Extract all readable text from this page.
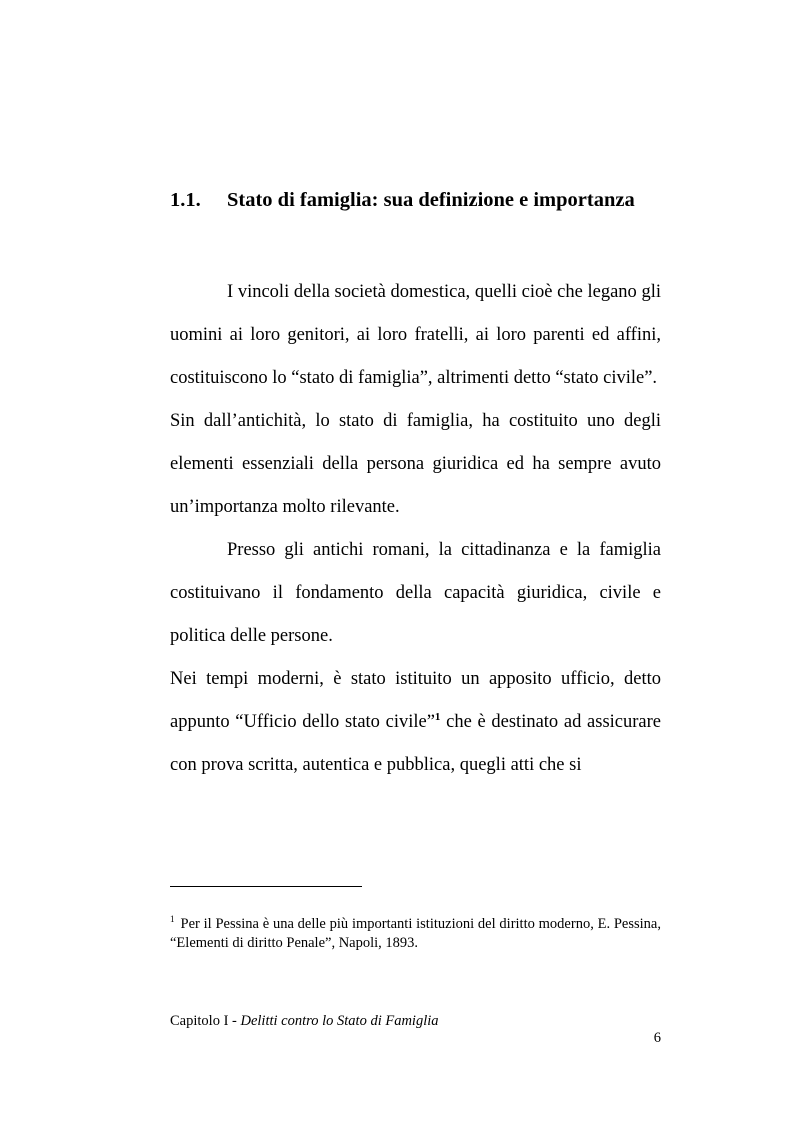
1.1. Stato di famiglia: sua definizione e importanza

I vincoli della società domestica, quelli cioè che legano gli uomini ai loro genitori, ai loro fratelli, ai loro parenti ed affini, costituiscono lo “stato di famiglia”, altrimenti detto “stato civile”.

Sin dall’antichità, lo stato di famiglia, ha costituito uno degli elementi essenziali della persona giuridica ed ha sempre avuto un’importanza molto rilevante.

Presso gli antichi romani, la cittadinanza e la famiglia costituivano il fondamento della capacità giuridica, civile e politica delle persone.

Nei tempi moderni, è stato istituito un apposito ufficio, detto appunto “Ufficio dello stato civile”$^1$ che è destinato ad assicurare con prova scritta, autentica e pubblica, quegli atti che si

$^1$ Per il Pessina è una delle più importanti istituzioni del diritto moderno, E. Pessina, “Elementi di diritto Penale”, Napoli, 1893.
Capitolo I - Delitti contro lo Stato di Famiglia
6
